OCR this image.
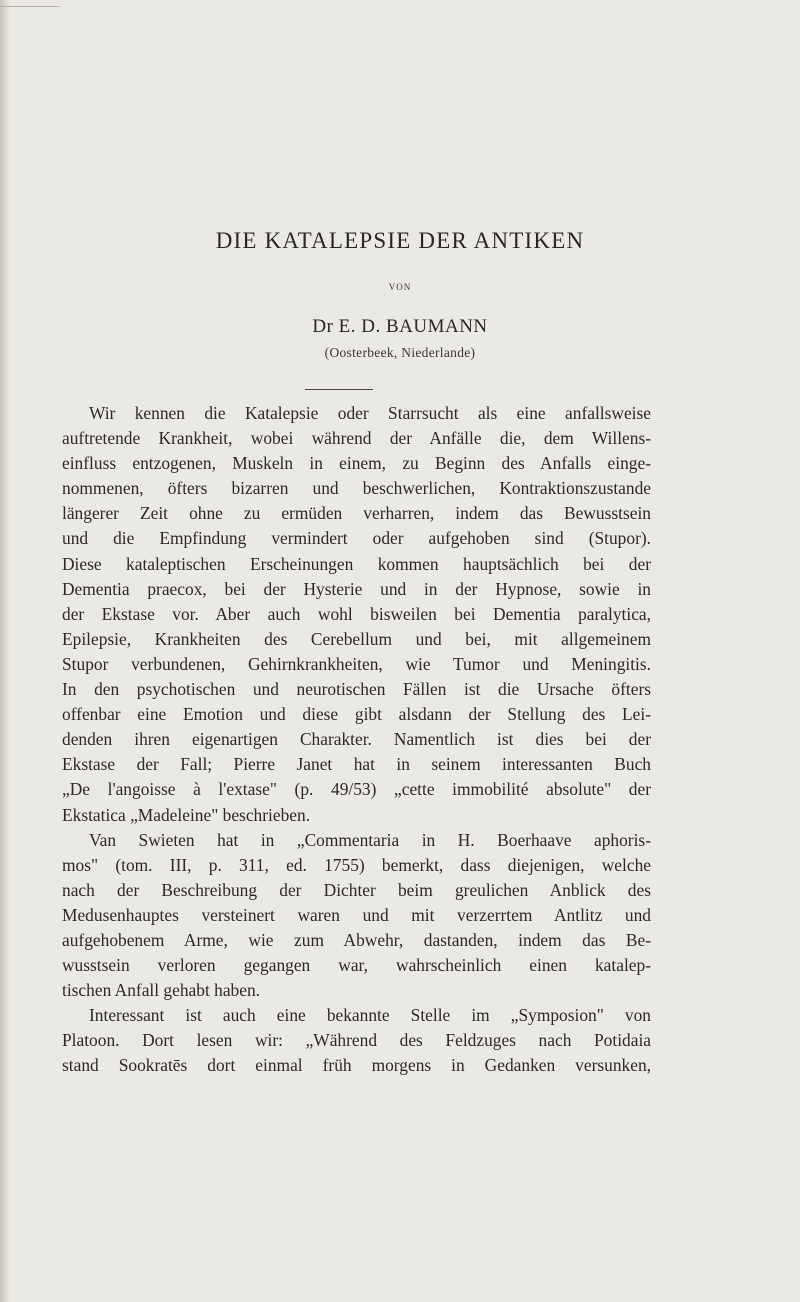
DIE KATALEPSIE DER ANTIKEN
VON
Dr E. D. BAUMANN
(Oosterbeek, Niederlande)
Wir kennen die Katalepsie oder Starrsucht als eine anfallsweise
auftretende Krankheit, wobei während der Anfälle die, dem Willens-
einfluss entzogenen, Muskeln in einem, zu Beginn des Anfalls einge-
nommenen, öfters bizarren und beschwerlichen, Kontraktionszustande
längerer Zeit ohne zu ermüden verharren, indem das Bewusstsein
und die Empfindung vermindert oder aufgehoben sind (Stupor).
Diese kataleptischen Erscheinungen kommen hauptsächlich bei der
Dementia praecox, bei der Hysterie und in der Hypnose, sowie in
der Ekstase vor. Aber auch wohl bisweilen bei Dementia paralytica,
Epilepsie, Krankheiten des Cerebellum und bei, mit allgemeinem
Stupor verbundenen, Gehirnkrankheiten, wie Tumor und Meningitis.
In den psychotischen und neurotischen Fällen ist die Ursache öfters
offenbar eine Emotion und diese gibt alsdann der Stellung des Lei-
denden ihren eigenartigen Charakter. Namentlich ist dies bei der
Ekstase der Fall; Pierre Janet hat in seinem interessanten Buch
„De l'angoisse à l'extase" (p. 49/53) „cette immobilité absolute" der
Ekstatica „Madeleine" beschrieben.
Van Swieten hat in „Commentaria in H. Boerhaave aphoris-
mos" (tom. III, p. 311, ed. 1755) bemerkt, dass diejenigen, welche
nach der Beschreibung der Dichter beim greulichen Anblick des
Medusenhauptes versteinert waren und mit verzerrtem Antlitz und
aufgehobenem Arme, wie zum Abwehr, dastanden, indem das Be-
wusstsein verloren gegangen war, wahrscheinlich einen katalep-
tischen Anfall gehabt haben.
Interessant ist auch eine bekannte Stelle im „Symposion" von
Platoon. Dort lesen wir: „Während des Feldzuges nach Potidaia
stand Sookratēs dort einmal früh morgens in Gedanken versunken,
